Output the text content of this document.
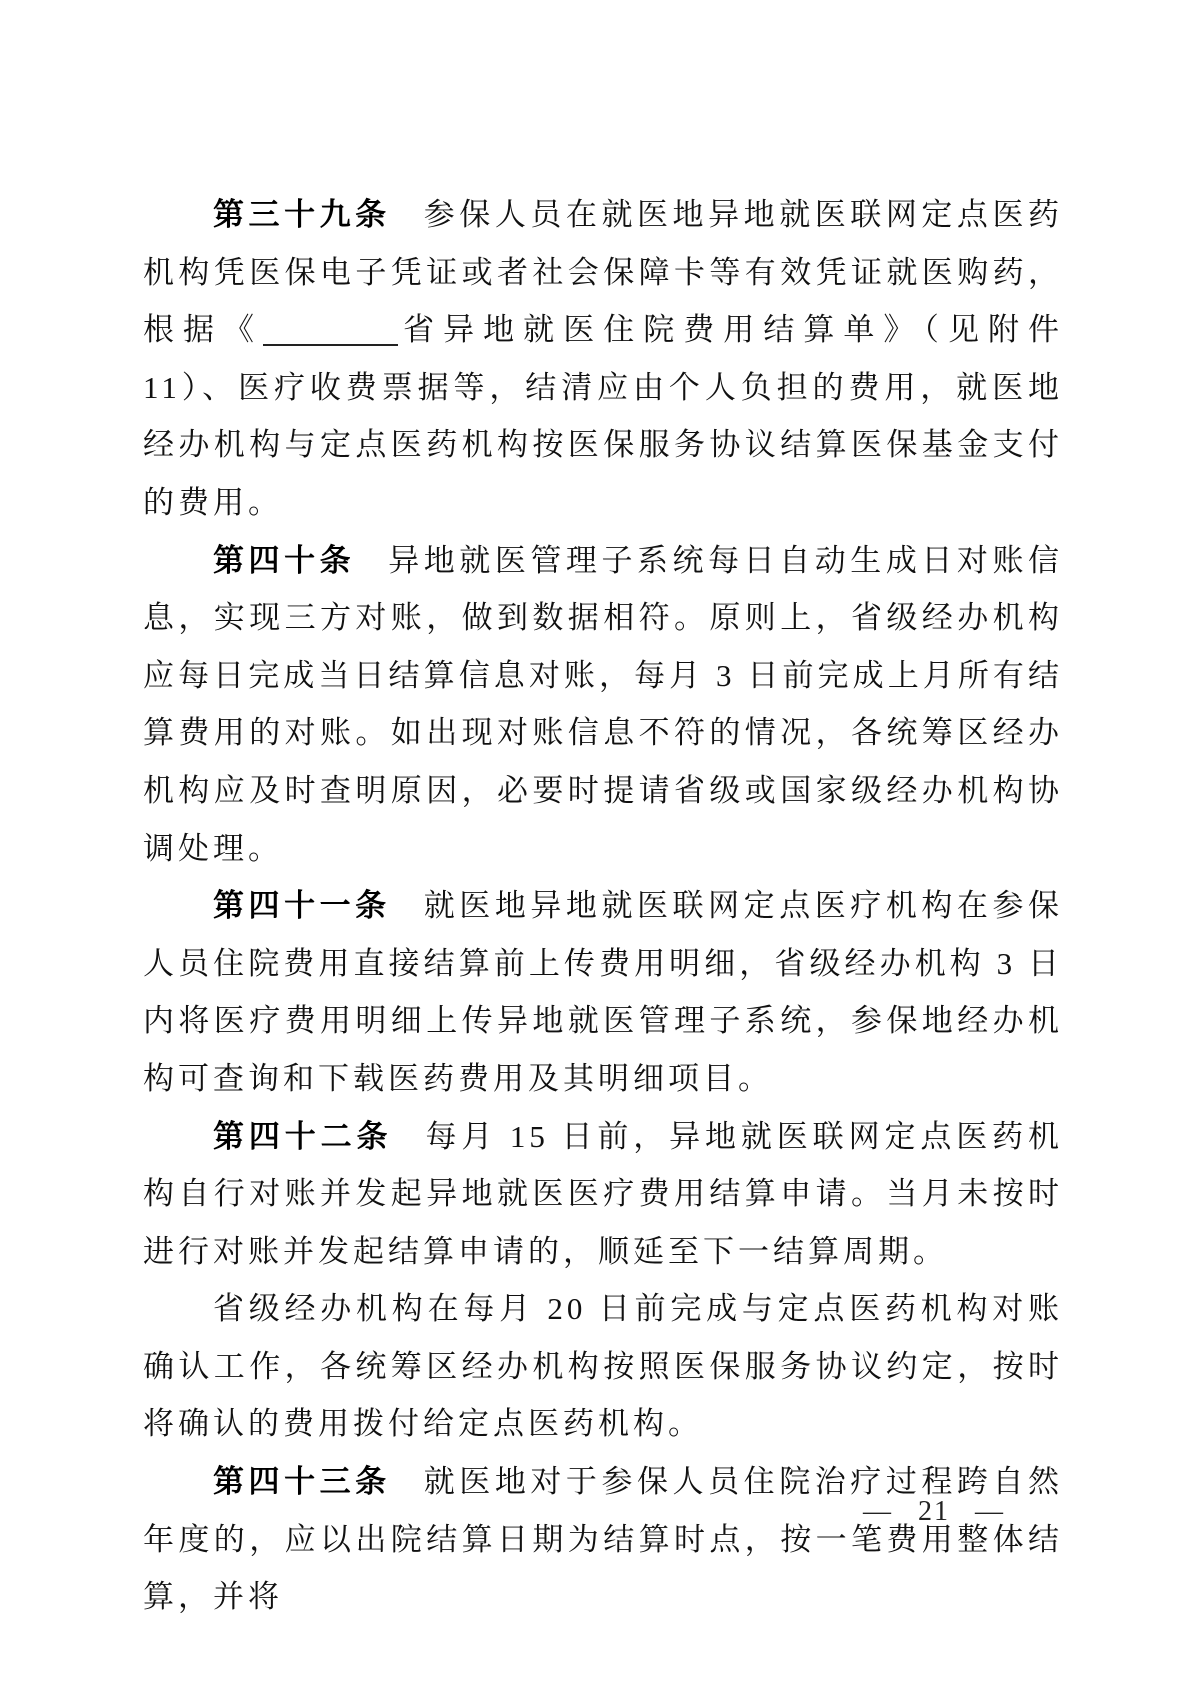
第三十九条 参保人员在就医地异地就医联网定点医药机构凭医保电子凭证或者社会保障卡等有效凭证就医购药，根据《	省异地就医住院费用结算单》（见附件 11）、医疗收费票据等，结清应由个人负担的费用，就医地经办机构与定点医药机构按医保服务协议结算医保基金支付的费用。

第四十条 异地就医管理子系统每日自动生成日对账信息，实现三方对账，做到数据相符。原则上，省级经办机构应每日完成当日结算信息对账，每月 3 日前完成上月所有结算费用的对账。如出现对账信息不符的情况，各统筹区经办机构应及时查明原因，必要时提请省级或国家级经办机构协调处理。

第四十一条 就医地异地就医联网定点医疗机构在参保人员住院费用直接结算前上传费用明细，省级经办机构 3 日内将医疗费用明细上传异地就医管理子系统，参保地经办机构可查询和下载医药费用及其明细项目。

第四十二条 每月 15 日前，异地就医联网定点医药机构自行对账并发起异地就医医疗费用结算申请。当月未按时进行对账并发起结算申请的，顺延至下一结算周期。

省级经办机构在每月 20 日前完成与定点医药机构对账确认工作，各统筹区经办机构按照医保服务协议约定，按时将确认的费用拨付给定点医药机构。

第四十三条 就医地对于参保人员住院治疗过程跨自然年度的，应以出院结算日期为结算时点，按一笔费用整体结算，并将

— 21 —
